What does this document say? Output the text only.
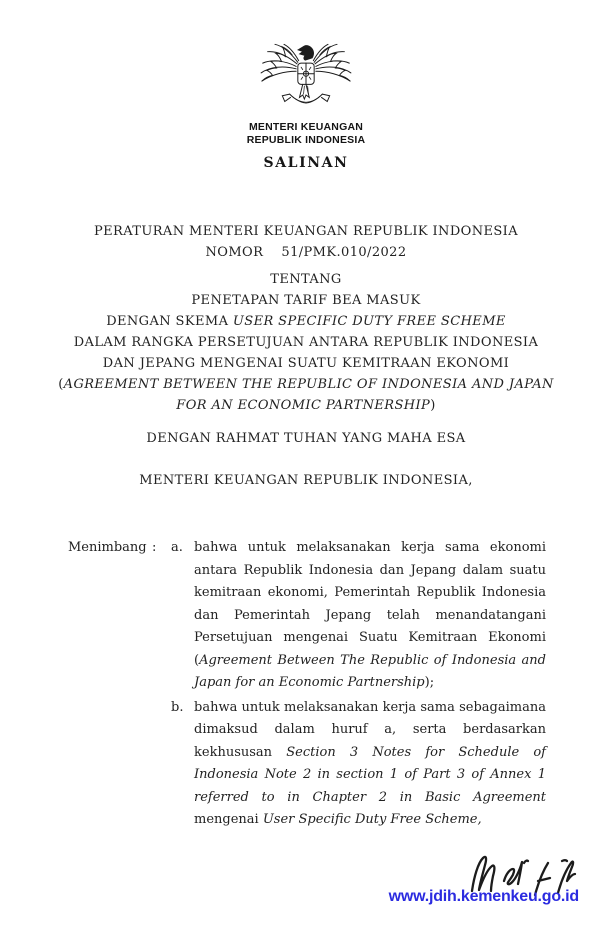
MENTERI KEUANGAN
REPUBLIK INDONESIA
SALINAN
PERATURAN MENTERI KEUANGAN REPUBLIK INDONESIA
NOMOR    51/PMK.010/2022
TENTANG
PENETAPAN TARIF BEA MASUK
DENGAN SKEMA USER SPECIFIC DUTY FREE SCHEME
DALAM RANGKA PERSETUJUAN ANTARA REPUBLIK INDONESIA
DAN JEPANG MENGENAI SUATU KEMITRAAN EKONOMI
(AGREEMENT BETWEEN THE REPUBLIC OF INDONESIA AND JAPAN
FOR AN ECONOMIC PARTNERSHIP)
DENGAN RAHMAT TUHAN YANG MAHA ESA
MENTERI KEUANGAN REPUBLIK INDONESIA,
Menimbang :	a. bahwa untuk melaksanakan kerja sama ekonomi antara Republik Indonesia dan Jepang dalam suatu kemitraan ekonomi, Pemerintah Republik Indonesia dan Pemerintah Jepang telah menandatangani Persetujuan mengenai Suatu Kemitraan Ekonomi (Agreement Between The Republic of Indonesia and Japan for an Economic Partnership);
b. bahwa untuk melaksanakan kerja sama sebagaimana dimaksud dalam huruf a, serta berdasarkan kekhususan Section 3 Notes for Schedule of Indonesia Note 2 in section 1 of Part 3 of Annex 1 referred to in Chapter 2 in Basic Agreement mengenai User Specific Duty Free Scheme,
www.jdih.kemenkeu.go.id
